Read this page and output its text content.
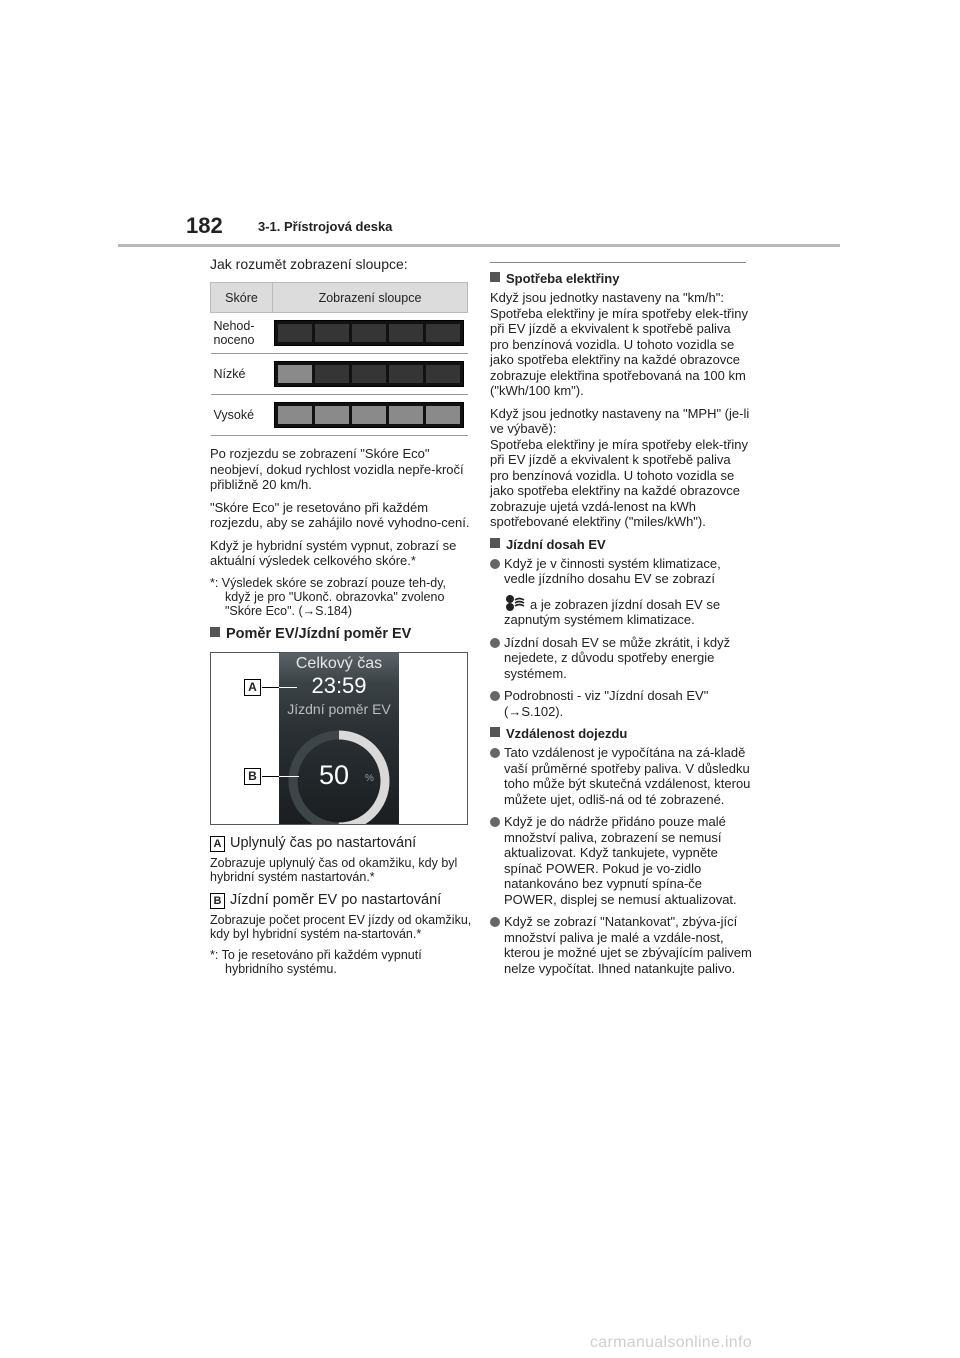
182	3-1. Přístrojová deska

Jak rozumět zobrazení sloupce:

Skóre	Zobrazení sloupce
Nehod-
noceno	

Nízké	

Vysoké	

Po rozjezdu se zobrazení "Skóre Eco" neobjeví, dokud rychlost vozidla nepře-kročí přibližně 20 km/h.

"Skóre Eco" je resetováno při každém rozjezdu, aby se zahájilo nové vyhodno-cení.

Když je hybridní systém vypnut, zobrazí se aktuální výsledek celkového skóre.*

*: Výsledek skóre se zobrazí pouze teh-dy, když je pro "Ukonč. obrazovka" zvoleno "Skóre Eco". (→S.184)

Poměr EV/Jízdní poměr EV
Celkový čas
23:59
Jízdní poměr EV
50 %
A
B
A Uplynulý čas po nastartování

Zobrazuje uplynulý čas od okamžiku, kdy byl hybridní systém nastartován.*

B Jízdní poměr EV po nastartování

Zobrazuje počet procent EV jízdy od okamžiku, kdy byl hybridní systém na-startován.*

*: To je resetováno při každém vypnutí hybridního systému.

Spotřeba elektřiny

Když jsou jednotky nastaveny na "km/h":
Spotřeba elektřiny je míra spotřeby elek-třiny při EV jízdě a ekvivalent k spotřebě paliva pro benzínová vozidla. U tohoto vozidla se jako spotřeba elektřiny na každé obrazovce zobrazuje elektřina spotřebovaná na 100 km ("kWh/100 km").

Když jsou jednotky nastaveny na "MPH" (je-li ve výbavě):
Spotřeba elektřiny je míra spotřeby elek-třiny při EV jízdě a ekvivalent k spotřebě paliva pro benzínová vozidla. U tohoto vozidla se jako spotřeba elektřiny na každé obrazovce zobrazuje ujetá vzdá-lenost na kWh spotřebované elektřiny ("miles/kWh").

Jízdní dosah EV
Když je v činnosti systém klimatizace, vedle jízdního dosahu EV se zobrazí
a je zobrazen jízdní dosah EV se zapnutým systémem klimatizace.
Jízdní dosah EV se může zkrátit, i když nejedete, z důvodu spotřeby energie systémem.
Podrobnosti - viz "Jízdní dosah EV" (→S.102).
Vzdálenost dojezdu
Tato vzdálenost je vypočítána na zá-kladě vaší průměrné spotřeby paliva. V důsledku toho může být skutečná vzdálenost, kterou můžete ujet, odliš-ná od té zobrazené.
Když je do nádrže přidáno pouze malé množství paliva, zobrazení se nemusí aktualizovat. Když tankujete, vypněte spínač POWER. Pokud je vo-zidlo natankováno bez vypnutí spína-če POWER, displej se nemusí aktualizovat.
Když se zobrazí "Natankovat", zbýva-jící množství paliva je malé a vzdále-nost, kterou je možné ujet se zbývajícím palivem nelze vypočítat. Ihned natankujte palivo.
carmanualsonline.info
